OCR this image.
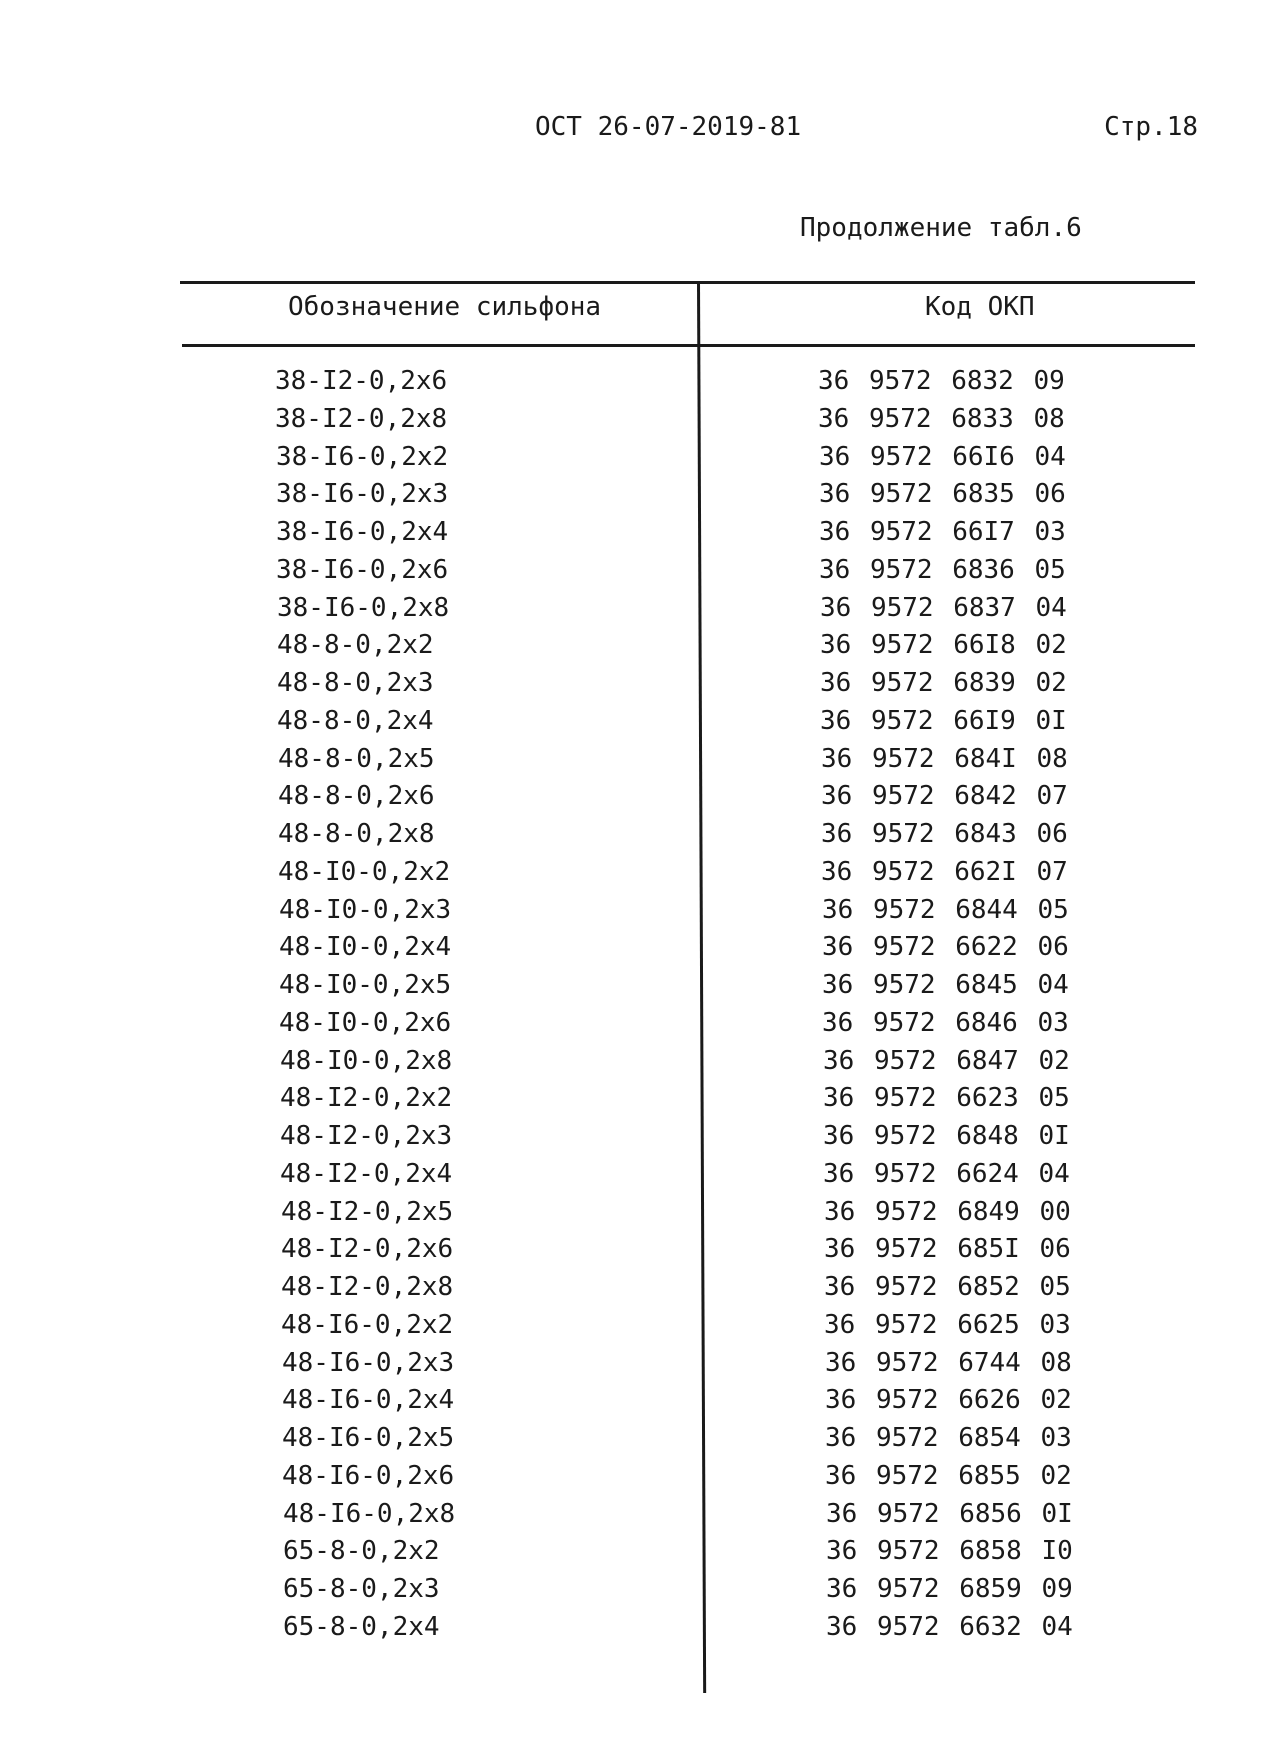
ОСТ 26-07-2019-81	Стр.18
Продолжение табл.6
Обозначение сильфона	Код ОКП
38-I2-0,2x6	36 9572 6832 09
38-I2-0,2x8	36 9572 6833 08
38-I6-0,2x2	36 9572 66I6 04
38-I6-0,2x3	36 9572 6835 06
38-I6-0,2x4	36 9572 66I7 03
38-I6-0,2x6	36 9572 6836 05
38-I6-0,2x8	36 9572 6837 04
48-8-0,2x2	36 9572 66I8 02
48-8-0,2x3	36 9572 6839 02
48-8-0,2x4	36 9572 66I9 0I
48-8-0,2x5	36 9572 684I 08
48-8-0,2x6	36 9572 6842 07
48-8-0,2x8	36 9572 6843 06
48-I0-0,2x2	36 9572 662I 07
48-I0-0,2x3	36 9572 6844 05
48-I0-0,2x4	36 9572 6622 06
48-I0-0,2x5	36 9572 6845 04
48-I0-0,2x6	36 9572 6846 03
48-I0-0,2x8	36 9572 6847 02
48-I2-0,2x2	36 9572 6623 05
48-I2-0,2x3	36 9572 6848 0I
48-I2-0,2x4	36 9572 6624 04
48-I2-0,2x5	36 9572 6849 00
48-I2-0,2x6	36 9572 685I 06
48-I2-0,2x8	36 9572 6852 05
48-I6-0,2x2	36 9572 6625 03
48-I6-0,2x3	36 9572 6744 08
48-I6-0,2x4	36 9572 6626 02
48-I6-0,2x5	36 9572 6854 03
48-I6-0,2x6	36 9572 6855 02
48-I6-0,2x8	36 9572 6856 0I
65-8-0,2x2	36 9572 6858 I0
65-8-0,2x3	36 9572 6859 09
65-8-0,2x4	36 9572 6632 04
